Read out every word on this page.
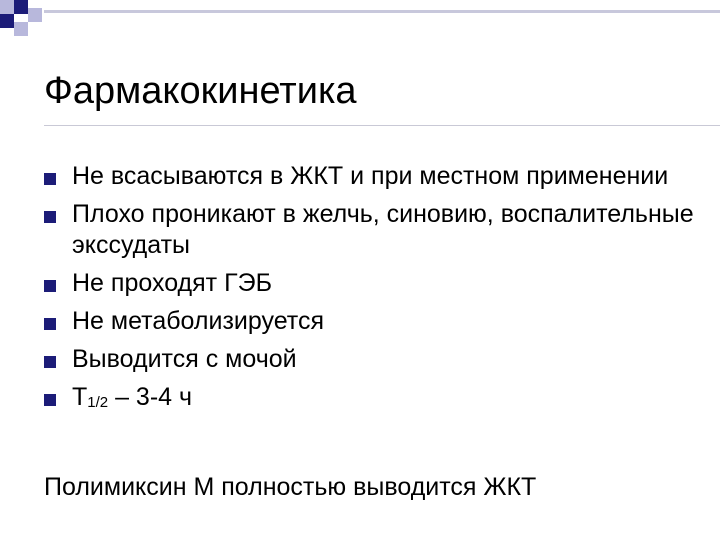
Фармакокинетика
Не всасываются в ЖКТ и при местном применении
Плохо проникают в желчь, синовию, воспалительные экссудаты
Не проходят ГЭБ
Не метаболизируется
Выводится с мочой
T1/2 – 3-4 ч
Полимиксин М полностью выводится ЖКТ
